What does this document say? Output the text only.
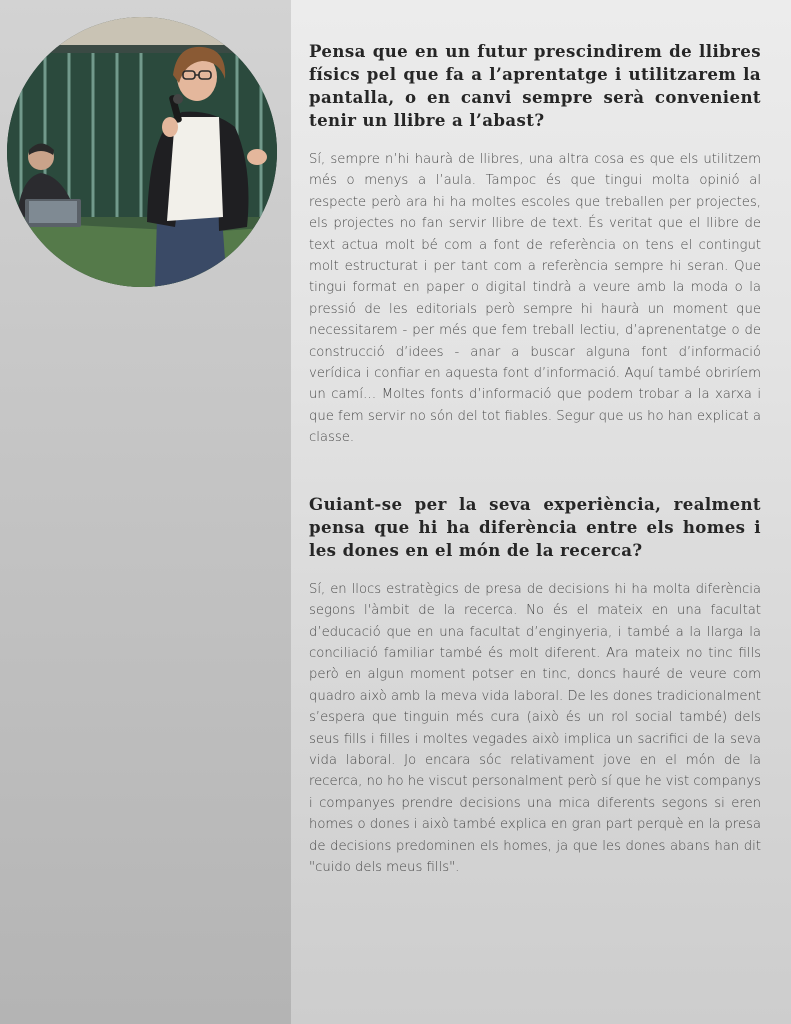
Pensa que en un futur prescindirem de llibres físics pel que fa a l’aprentatge i utilitzarem la pantalla, o en canvi sempre serà convenient tenir un llibre a l’abast?

Sí, sempre n’hi haurà de llibres, una altra cosa es que els utilitzem més o menys a l’aula. Tampoc és que tingui molta opinió al respecte però ara hi ha moltes escoles que treballen per projectes, els projectes no fan servir llibre de text. És veritat que el llibre de text actua molt bé com a font de referència on tens el contingut molt estructurat i per tant com a referència sempre hi seran. Que tingui format en paper o digital tindrà a veure amb la moda o la pressió de les editorials però sempre hi haurà un moment que necessitarem - per més que fem treball lectiu, d’aprenentatge o de construcció d’idees - anar a buscar alguna font d’informació verídica i confiar en aquesta font d’informació. Aquí també obriríem un camí… Moltes fonts d’informació que podem trobar a la xarxa i que fem servir no són del tot fiables. Segur que us ho han explicat a classe.

Guiant-se per la seva experiència, realment pensa que hi ha diferència entre els homes i les dones en el món de la recerca?

Sí, en llocs estratègics de presa de decisions hi ha molta diferència segons l'àmbit de la recerca. No és el mateix en una facultat d’educació que en una facultat d’enginyeria, i també a la llarga la conciliació familiar també és molt diferent. Ara mateix no tinc fills però en algun moment potser en tinc, doncs hauré de veure com quadro això amb la meva vida laboral. De les dones tradicionalment s’espera que tinguin més cura (això és un rol social també) dels seus fills i filles i moltes vegades això implica un sacrifici de la seva vida laboral. Jo encara sóc relativament jove en el món de la recerca, no ho he viscut personalment però sí que he vist companys i companyes prendre decisions una mica diferents segons si eren homes o dones i això també explica en gran part perquè en la presa de decisions predominen els homes, ja que les dones abans han dit "cuido dels meus fills".
